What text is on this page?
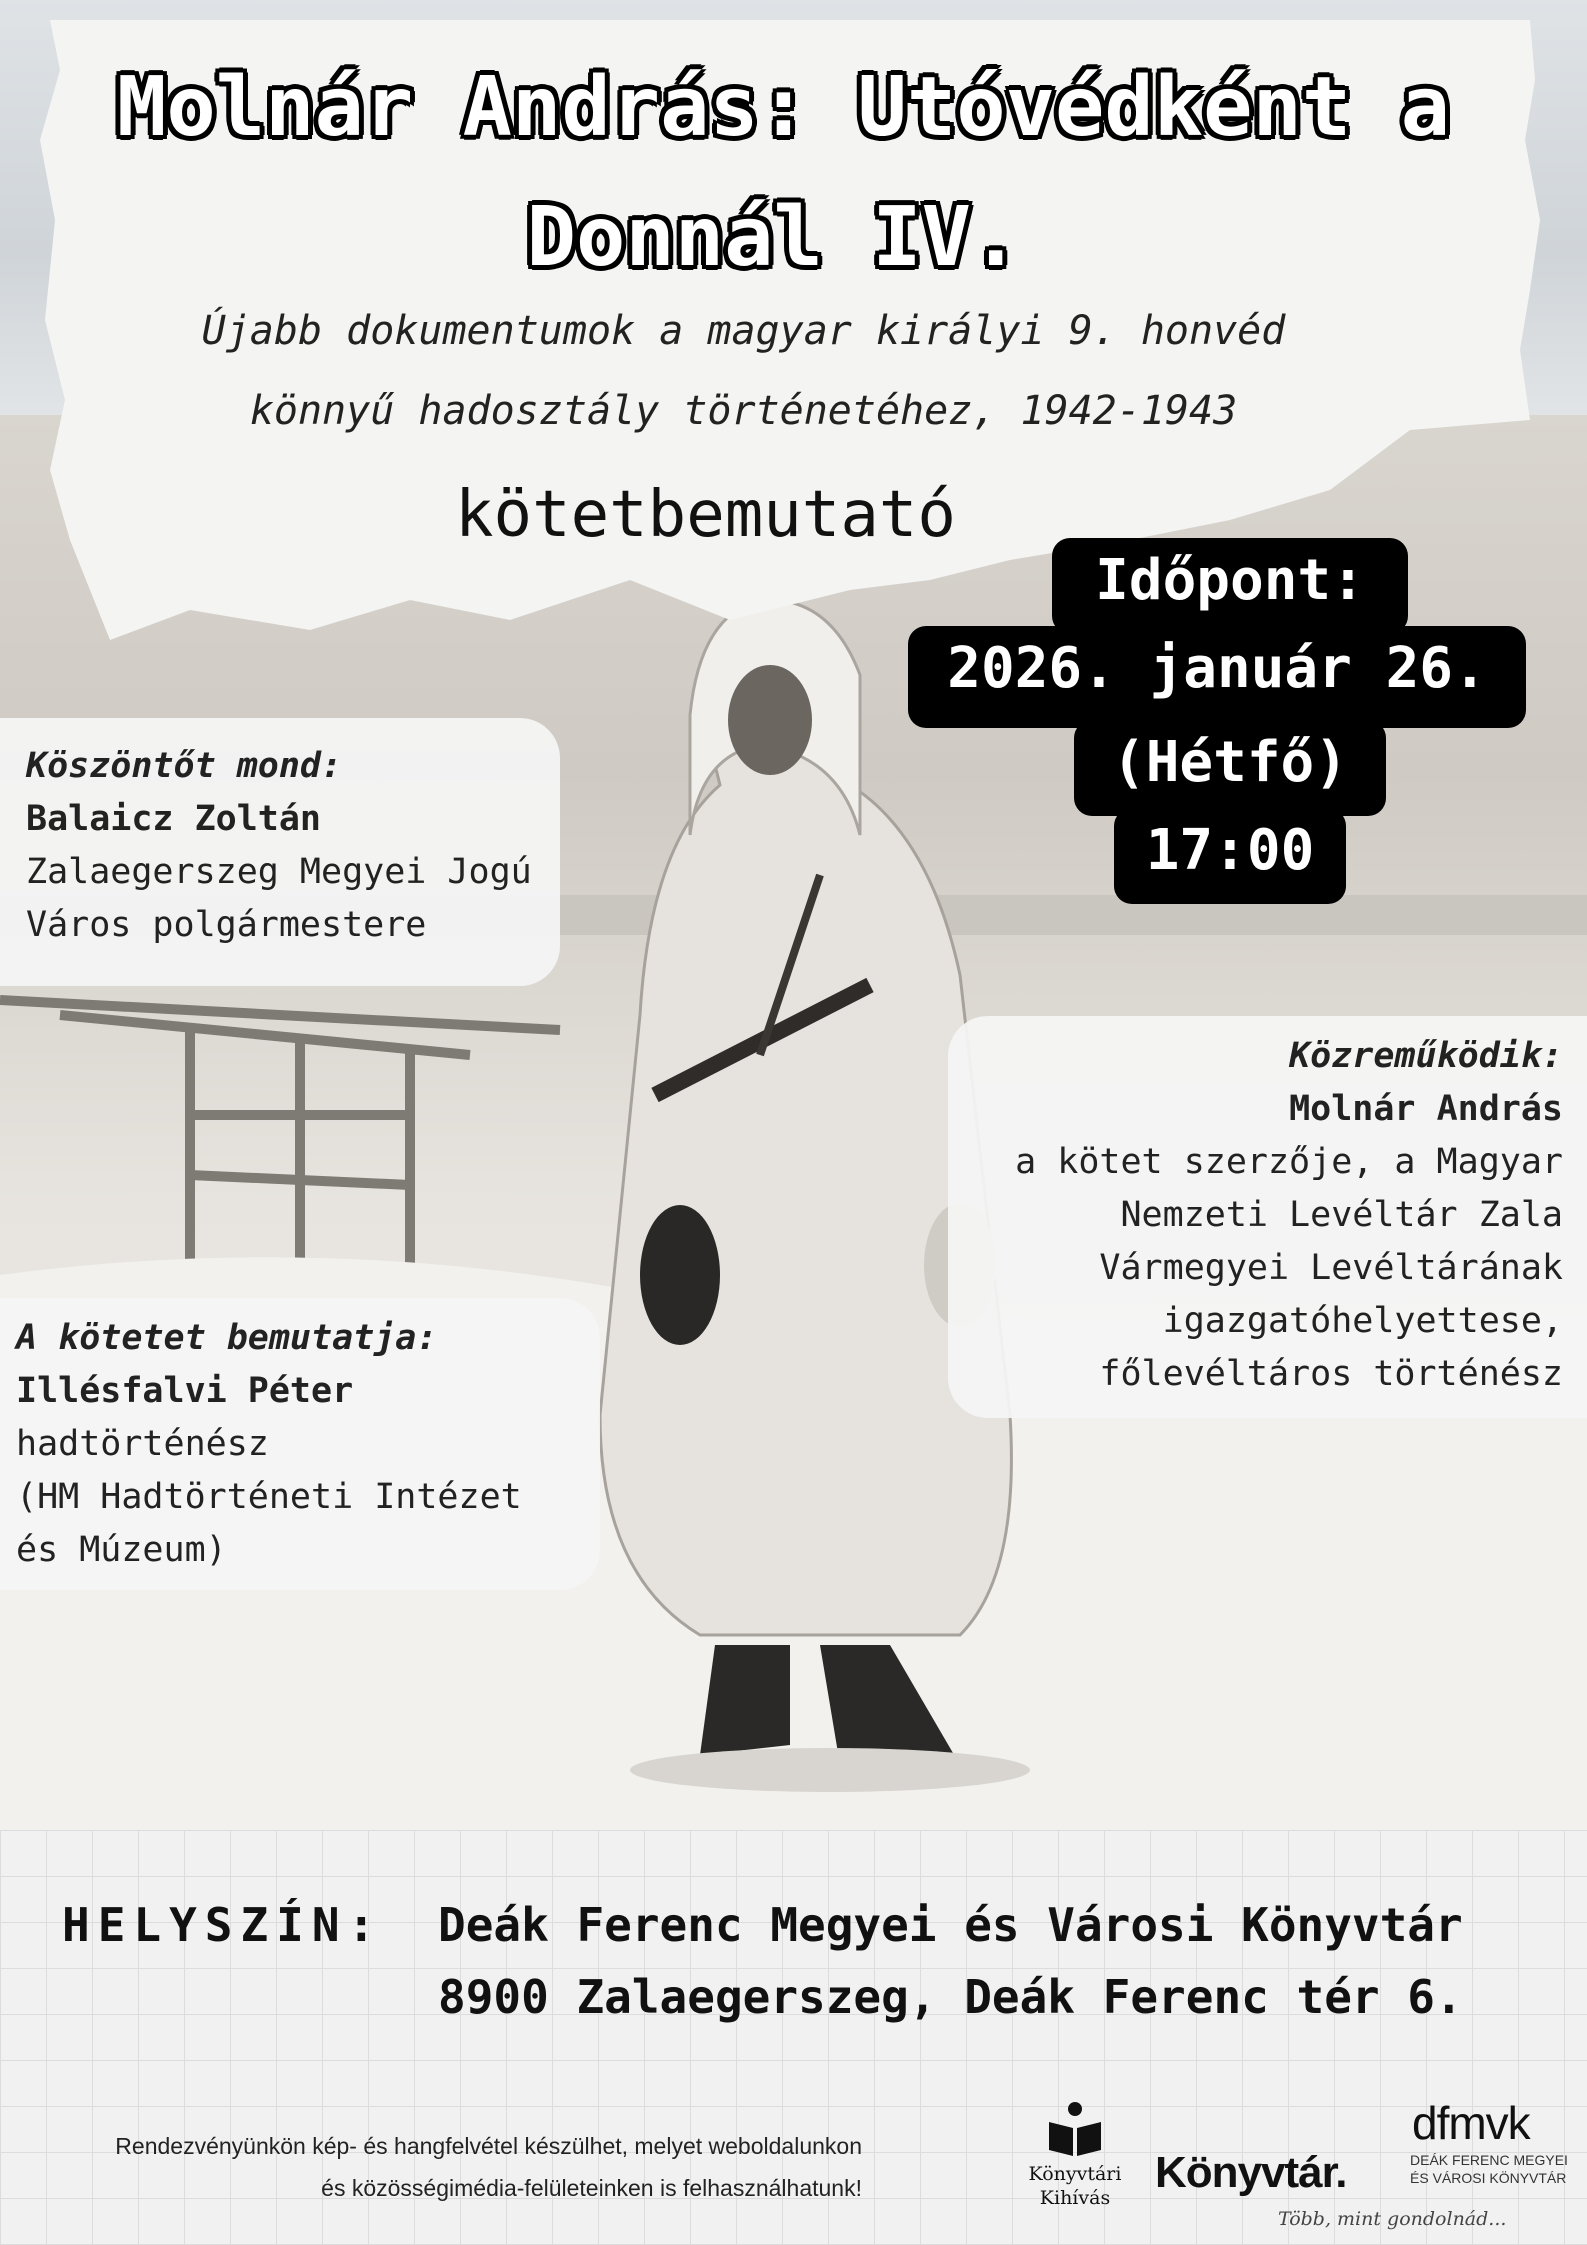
Molnár András: Utóvédként a
Donnál IV.
Újabb dokumentumok a magyar királyi 9. honvéd
könnyű hadosztály történetéhez, 1942-1943
kötetbemutató
Időpont:
2026. január 26.
(Hétfő)
17:00
Köszöntőt mond:
Balaicz Zoltán
Zalaegerszeg Megyei Jogú
Város polgármestere
Közreműködik:
Molnár András
a kötet szerzője, a Magyar
Nemzeti Levéltár Zala
Vármegyei Levéltárának
igazgatóhelyettese,
főlevéltáros történész
A kötetet bemutatja:
Illésfalvi Péter
hadtörténész
(HM Hadtörténeti Intézet
és Múzeum)
HELYSZÍN: Deák Ferenc Megyei és Városi Könyvtár
8900 Zalaegerszeg, Deák Ferenc tér 6.
Rendezvényünkön kép- és hangfelvétel készülhet, melyet weboldalunkon
és közösségimédia-felületeinken is felhasználhatunk!
Könyvtári Kihívás
Könyvtár.
Több, mint gondolnád...
dfmvk
DEÁK FERENC MEGYEI
ÉS VÁROSI KÖNYVTÁR
